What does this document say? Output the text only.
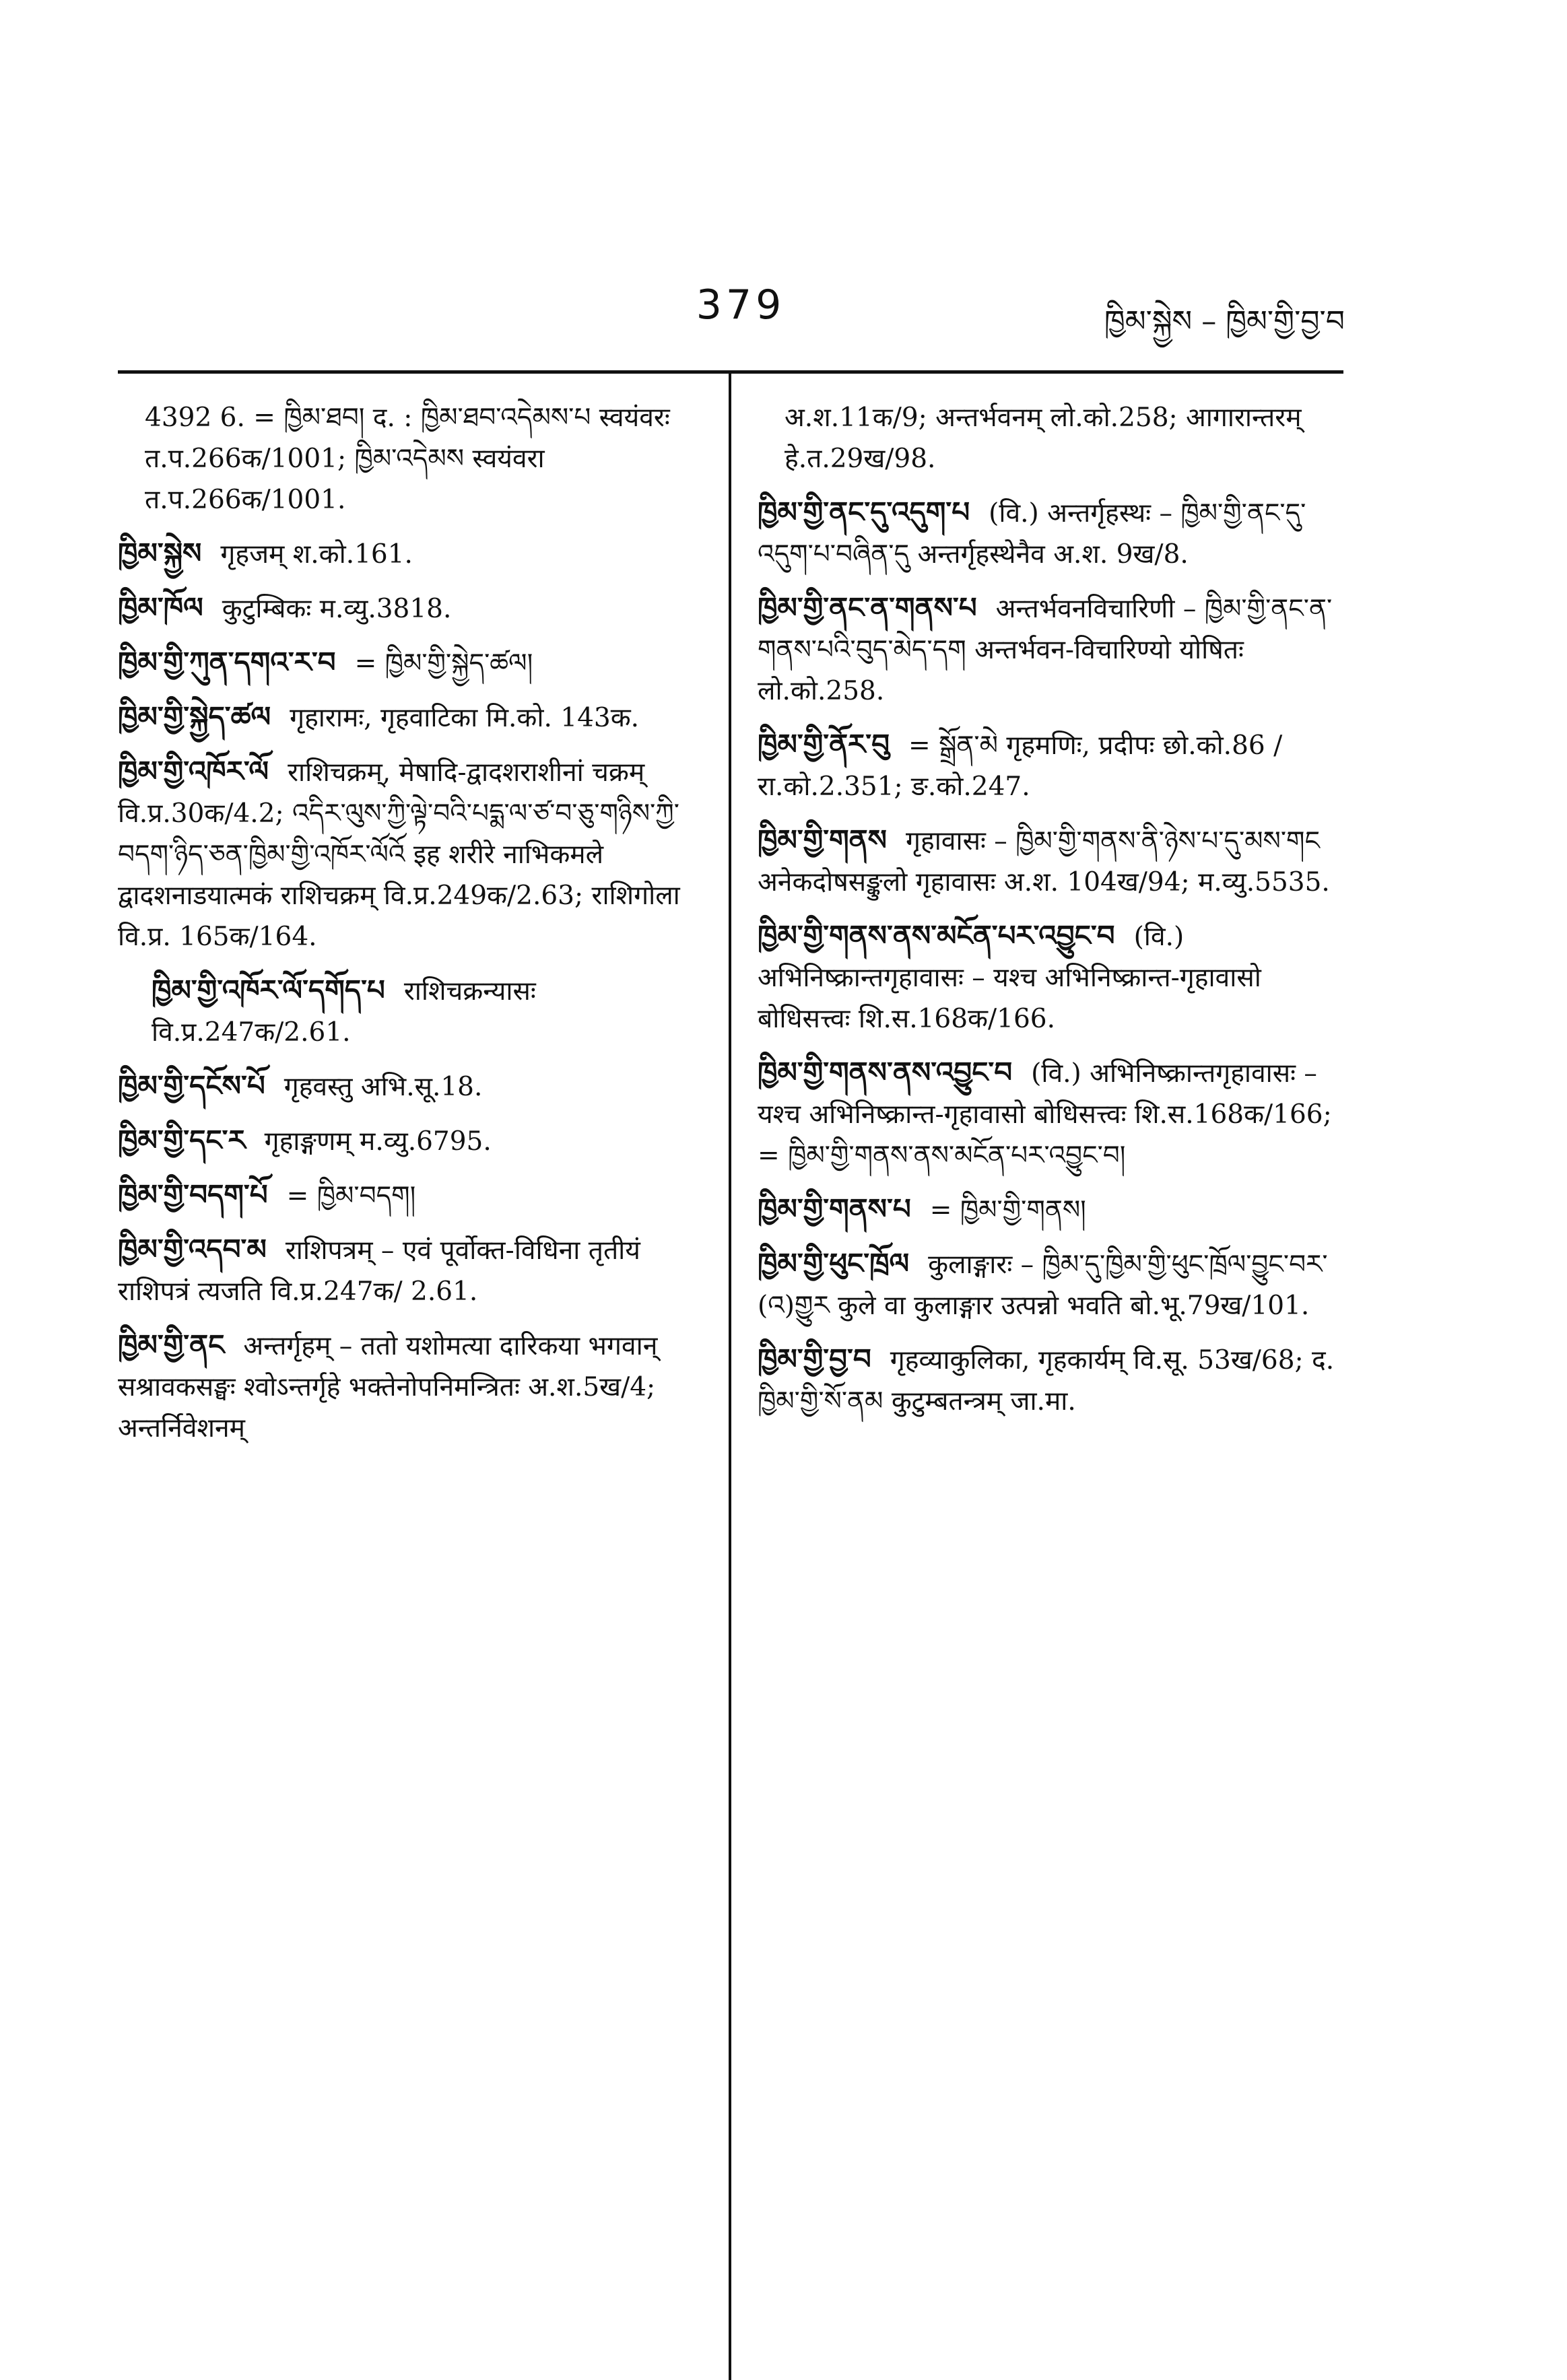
379	ཁྱིམ་སྐྱེས – ཁྱིམ་གྱི་བྱ་བ
4392 6. = ཁྱིམ་ཐབ། द. : ཁྱིམ་ཐབ་འདེམས་པ स्वयंवरः त.प.266क/1001; ཁྱིམ་འདེམས स्वयंवरा त.प.266क/1001.
ཁྱིམ་སྐྱེས गृहजम् श.को.161.
ཁྱིམ་ཁོལ कुटुम्बिकः म.व्यु.3818.
ཁྱིམ་གྱི་ཀུན་དགའ་ར་བ = ཁྱིམ་གྱི་སྐྱེད་ཚལ།
ཁྱིམ་གྱི་སྐྱེད་ཚལ गृहारामः, गृहवाटिका मि.को. 143क.
ཁྱིམ་གྱི་འཁོར་ལོ राशिचक्रम्, मेषादि-द्वादशराशीनां चक्रम् वि.प्र.30क/4.2; འདིར་ལུས་ཀྱི་ལྟེ་བའི་པདྨ་ལ་ཙ་བ་ཅུ་གཉིས་ཀྱི་བདག་ཉིད་ཅན་ཁྱིམ་གྱི་འཁོར་ལོའོ इह शरीरे नाभिकमले द्वादशनाडयात्मकं राशिचक्रम् वि.प्र.249क/2.63; राशिगोला वि.प्र. 165क/164.
ཁྱིམ་གྱི་འཁོར་ལོ་དགོད་པ राशिचक्रन्यासः वि.प्र.247क/2.61.
ཁྱིམ་གྱི་དངོས་པོ गृहवस्तु अभि.सू.18.
ཁྱིམ་གྱི་དང་ར गृहाङ्गणम् म.व्यु.6795.
ཁྱིམ་གྱི་བདག་པོ = ཁྱིམ་བདག།
ཁྱིམ་གྱི་འདབ་མ राशिपत्रम् – एवं पूर्वोक्त-विधिना तृतीयं राशिपत्रं त्यजति वि.प्र.247क/ 2.61.
ཁྱིམ་གྱི་ནང अन्तर्गृहम् – ततो यशोमत्या दारिकया भगवान् सश्रावकसङ्घः श्वोऽन्तर्गृहे भक्तेनोपनिमन्त्रितः अ.श.5ख/4; अन्तर्निवेशनम्
अ.श.11क/9; अन्तर्भवनम् लो.को.258; आगारान्तरम् हे.त.29ख/98.
ཁྱིམ་གྱི་ནང་དུ་འདུག་པ (वि.) अन्तर्गृहस्थः – ཁྱིམ་གྱི་ནང་དུ་འདུག་པ་བཞིན་དུ अन्तर्गृहस्थेनैव अ.श. 9ख/8.
ཁྱིམ་གྱི་ནང་ན་གནས་པ अन्तर्भवनविचारिणी – ཁྱིམ་གྱི་ནང་ན་གནས་པའི་བུད་མེད་དག अन्तर्भवन-विचारिण्यो योषितः लो.को.258.
ཁྱིམ་གྱི་ནོར་བུ = སྒྲོན་མེ गृहमणिः, प्रदीपः छो.को.86 / रा.को.2.351; ङ.को.247.
ཁྱིམ་གྱི་གནས गृहावासः – ཁྱིམ་གྱི་གནས་ནི་ཉེས་པ་དུ་མས་གང अनेकदोषसङ्कुलो गृहावासः अ.श. 104ख/94; म.व्यु.5535.
ཁྱིམ་གྱི་གནས་ནས་མངོན་པར་འབྱུང་བ (वि.) अभिनिष्क्रान्तगृहावासः – यश्च अभिनिष्क्रान्त-गृहावासो बोधिसत्त्वः शि.स.168क/166.
ཁྱིམ་གྱི་གནས་ནས་འབྱུང་བ (वि.) अभिनिष्क्रान्तगृहावासः – यश्च अभिनिष्क्रान्त-गृहावासो बोधिसत्त्वः शि.स.168क/166; = ཁྱིམ་གྱི་གནས་ནས་མངོན་པར་འབྱུང་བ།
ཁྱིམ་གྱི་གནས་པ = ཁྱིམ་གྱི་གནས།
ཁྱིམ་གྱི་ཕུང་ཁྲོལ कुलाङ्गारः – ཁྱིམ་དུ་ཁྱིམ་གྱི་ཕུང་ཁྲོལ་བྱུང་བར་(འ)གྱུར कुले वा कुलाङ्गार उत्पन्नो भवति बो.भू.79ख/101.
ཁྱིམ་གྱི་བྱ་བ गृहव्याकुलिका, गृहकार्यम् वि.सू. 53ख/68; द. ཁྱིམ་གྱི་སོ་ནམ कुटुम्बतन्त्रम् जा.मा.
